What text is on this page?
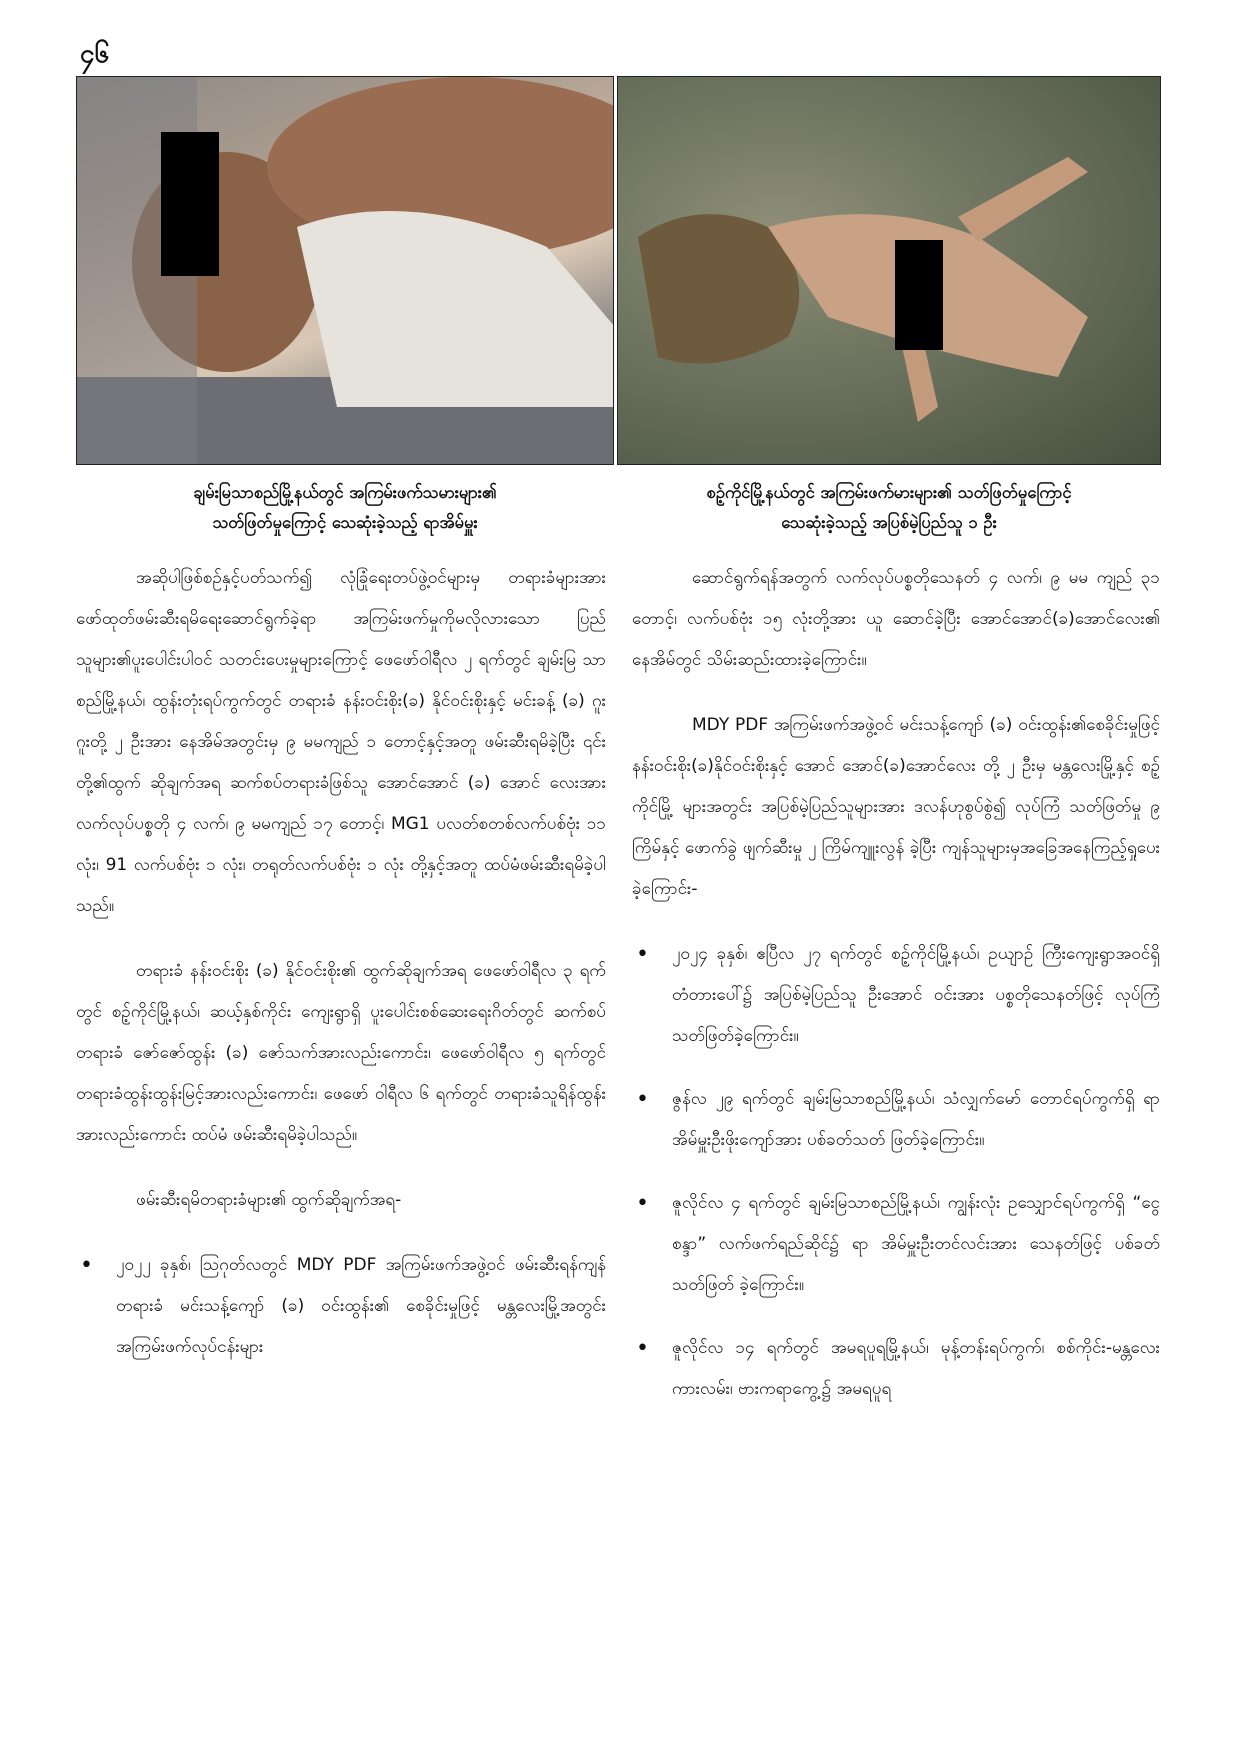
၄၆
ချမ်းမြသာစည်မြို့နယ်တွင် အကြမ်းဖက်သမားများ၏
သတ်ဖြတ်မှုကြောင့် သေဆုံးခဲ့သည့် ရာအိမ်မှူး
စဉ့်ကိုင်မြို့နယ်တွင် အကြမ်းဖက်မားများ၏ သတ်ဖြတ်မှုကြောင့်
သေဆုံးခဲ့သည့် အပြစ်မဲ့ပြည်သူ ၁ ဦး

အဆိုပါဖြစ်စဉ်နှင့်ပတ်သက်၍ လုံခြုံရေးတပ်ဖွဲ့ဝင်များမှ တရားခံများအား ဖော်ထုတ်ဖမ်းဆီးရမိရေးဆောင်ရွက်ခဲ့ရာ အကြမ်းဖက်မှုကိုမလိုလားသော ပြည်သူများ၏ပူးပေါင်းပါဝင် သတင်းပေးမှုများကြောင့် ဖေဖော်ဝါရီလ ၂ ရက်တွင် ချမ်းမြ သာစည်မြို့နယ်၊ ထွန်းတုံးရပ်ကွက်တွင် တရားခံ နန်းဝင်းစိုး(ခ) နိုင်ဝင်းစိုးနှင့် မင်းခန့် (ခ) ဂူးဂူးတို့ ၂ ဦးအား နေအိမ်အတွင်းမှ ၉ မမကျည် ၁ တောင့်နှင့်အတူ ဖမ်းဆီးရမိခဲ့ပြီး ၎င်းတို့၏ထွက် ဆိုချက်အရ ဆက်စပ်တရားခံဖြစ်သူ အောင်အောင် (ခ) အောင် လေးအား လက်လုပ်ပစ္စတို ၄ လက်၊ ၉ မမကျည် ၁၇ တောင့်၊ MG1 ပလတ်စတစ်လက်ပစ်ဗုံး ၁၁ လုံး၊ 91 လက်ပစ်ဗုံး ၁ လုံး၊ တရုတ်လက်ပစ်ဗုံး ၁ လုံး တို့နှင့်အတူ ထပ်မံဖမ်းဆီးရမိခဲ့ပါ သည်။

တရားခံ နန်းဝင်းစိုး (ခ) နိုင်ဝင်းစိုး၏ ထွက်ဆိုချက်အရ ဖေဖော်ဝါရီလ ၃ ရက်တွင် စဉ့်ကိုင်မြို့နယ်၊ ဆယ့်နှစ်ကိုင်း ကျေးရွာရှိ ပူးပေါင်းစစ်ဆေးရေးဂိတ်တွင် ဆက်စပ်တရားခံ ဇော်ဇော်ထွန်း (ခ) ဇော်သက်အားလည်းကောင်း၊ ဖေဖော်ဝါရီလ ၅ ရက်တွင် တရားခံထွန်းထွန်းမြင့်အားလည်းကောင်း၊ ဖေဖော် ဝါရီလ ၆ ရက်တွင် တရားခံသူရိန်ထွန်းအားလည်းကောင်း ထပ်မံ ဖမ်းဆီးရမိခဲ့ပါသည်။

ဖမ်းဆီးရမိတရားခံများ၏ ထွက်ဆိုချက်အရ-

• ၂၀၂၂ ခုနှစ်၊ ဩဂုတ်လတွင် MDY PDF အကြမ်းဖက်အဖွဲ့ဝင် ဖမ်းဆီးရန်ကျန်တရားခံ မင်းသန့်ကျော် (ခ) ဝင်းထွန်း၏ စေခိုင်းမှုဖြင့် မန္တလေးမြို့အတွင်း အကြမ်းဖက်လုပ်ငန်းများ

ဆောင်ရွက်ရန်အတွက် လက်လုပ်ပစ္စတိုသေနတ် ၄ လက်၊ ၉ မမ ကျည် ၃၁ တောင့်၊ လက်ပစ်ဗုံး ၁၅ လုံးတို့အား ယူ ဆောင်ခဲ့ပြီး အောင်အောင်(ခ)အောင်လေး၏ နေအိမ်တွင် သိမ်းဆည်းထားခဲ့ကြောင်း။

MDY PDF အကြမ်းဖက်အဖွဲ့ဝင် မင်းသန့်ကျော် (ခ) ဝင်းထွန်း၏စေခိုင်းမှုဖြင့် နန်းဝင်းစိုး(ခ)နိုင်ဝင်းစိုးနှင့် အောင် အောင်(ခ)အောင်လေး တို့ ၂ ဦးမှ မန္တလေးမြို့နှင့် စဉ့်ကိုင်မြို့ များအတွင်း အပြစ်မဲ့ပြည်သူများအား ဒလန်ဟုစွပ်စွဲ၍ လုပ်ကြံ သတ်ဖြတ်မှု ၉ ကြိမ်နှင့် ဖောက်ခွဲ ဖျက်ဆီးမှု ၂ ကြိမ်ကျူးလွန် ခဲ့ပြီး ကျန်သူများမှအခြေအနေကြည့်ရှုပေးခဲ့ကြောင်း-

• ၂၀၂၄ ခုနှစ်၊ ဧပြီလ ၂၇ ရက်တွင် စဉ့်ကိုင်မြို့နယ်၊ ဥယျာဉ် ကြီးကျေးရွာအဝင်ရှိ တံတားပေါ်၌ အပြစ်မဲ့ပြည်သူ ဦးအောင် ဝင်းအား ပစ္စတိုသေနတ်ဖြင့် လုပ်ကြံသတ်ဖြတ်ခဲ့ကြောင်း။
• ဇွန်လ ၂၉ ရက်တွင် ချမ်းမြသာစည်မြို့နယ်၊ သံလျှက်မော် တောင်ရပ်ကွက်ရှိ ရာအိမ်မှူးဦးဖိုးကျော်အား ပစ်ခတ်သတ် ဖြတ်ခဲ့ကြောင်း။
• ဇူလိုင်လ ၄ ရက်တွင် ချမ်းမြသာစည်မြို့နယ်၊ ကျွန်းလုံး ဥသျှောင်ရပ်ကွက်ရှိ “ငွေစန္ဒာ” လက်ဖက်ရည်ဆိုင်၌ ရာ အိမ်မှူးဦးတင်လင်းအား သေနတ်ဖြင့် ပစ်ခတ်သတ်ဖြတ် ခဲ့ကြောင်း။
• ဇူလိုင်လ ၁၄ ရက်တွင် အမရပူရမြို့နယ်၊ မုန့်တန်းရပ်ကွက်၊ စစ်ကိုင်း-မန္တလေး ကားလမ်း၊ ဗားကရာကွေ့၌ အမရပူရ
